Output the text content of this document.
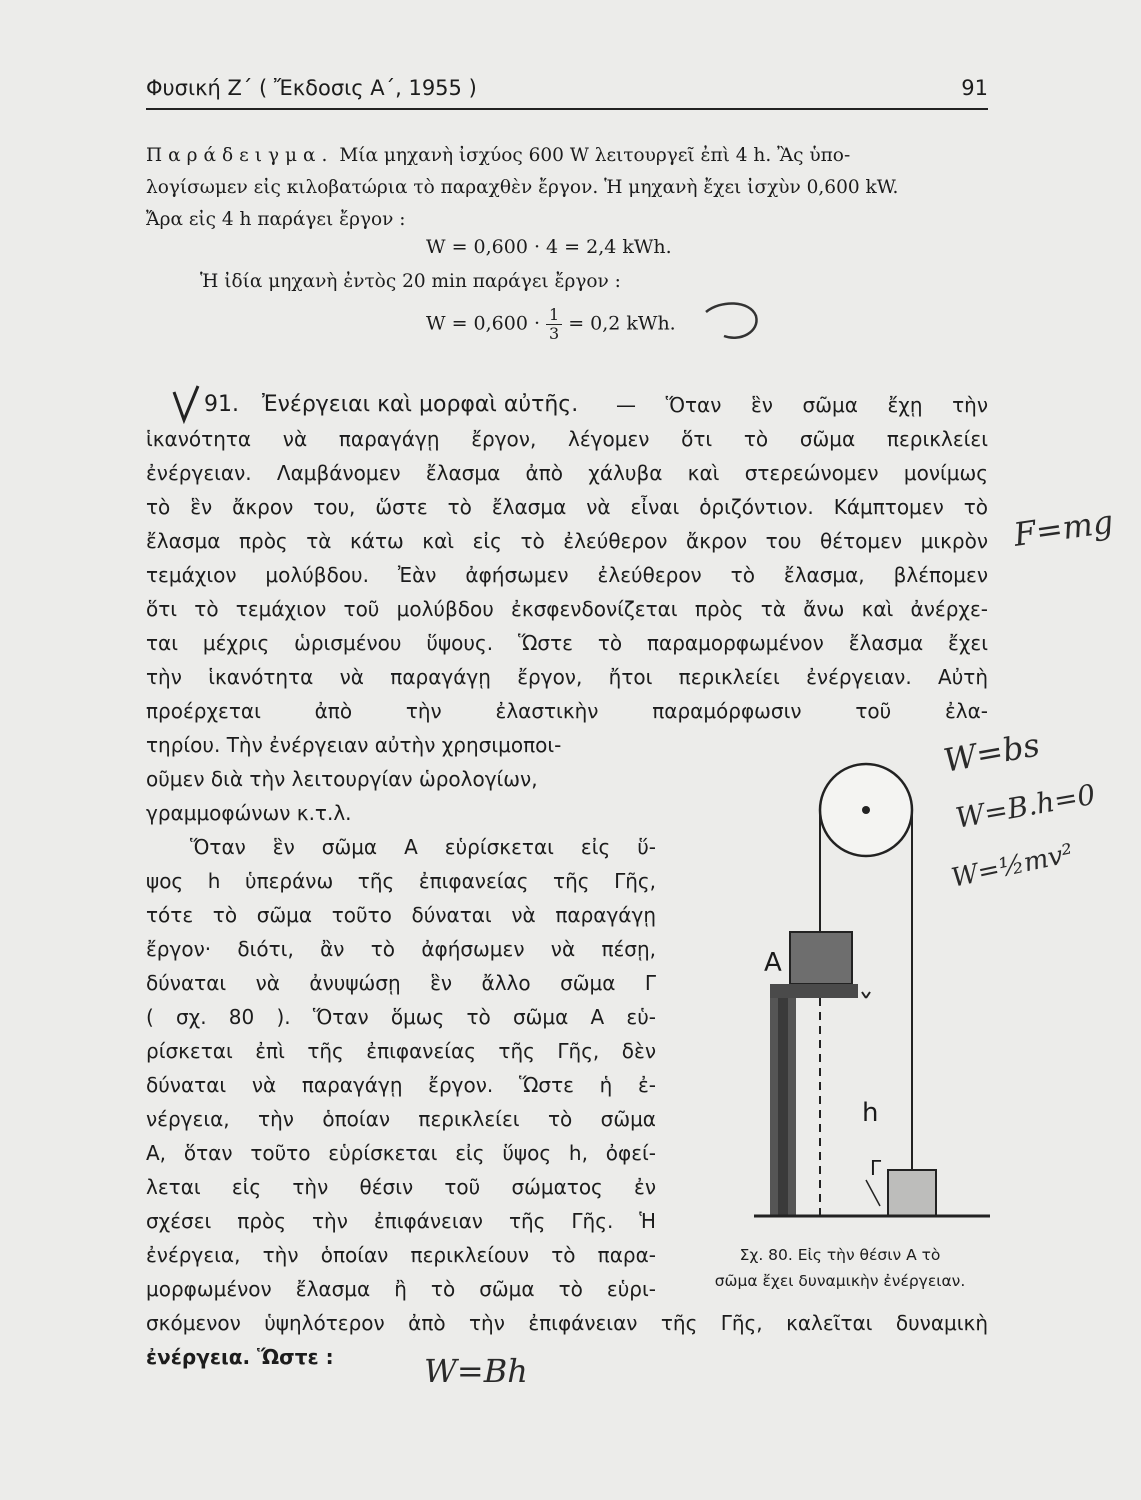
Φυσική Ζ΄ ( Ἔκδοσις Α΄, 1955 )	91
Παράδειγμα. Μία μηχανὴ ἰσχύος 600 W λειτουργεῖ ἐπὶ 4 h. Ἂς ὑπο-
λογίσωμεν εἰς κιλοβατώρια τὸ παραχθὲν ἔργον. Ἡ μηχανὴ ἔχει ἰσχὺν 0,600 kW.
Ἄρα εἰς 4 h παράγει ἔργον :
W = 0,600 · 4 = 2,4 kWh.
Ἡ ἰδία μηχανὴ ἐντὸς 20 min παράγει ἔργον :
$W = 0,600 \cdot \frac{1}{3} = 0,2$ kWh.
91. Ἐνέργειαι καὶ μορφαὶ αὐτῆς. — Ὅταν ἓν σῶμα ἔχῃ τὴν
ἱκανότητα νὰ παραγάγῃ ἔργον, λέγομεν ὅτι τὸ σῶμα περικλείει
ἐνέργειαν. Λαμβάνομεν ἔλασμα ἀπὸ χάλυβα καὶ στερεώνομεν μονίμως
τὸ ἓν ἄκρον του, ὥστε τὸ ἔλασμα νὰ εἶναι ὁριζόντιον. Κάμπτομεν τὸ
ἔλασμα πρὸς τὰ κάτω καὶ εἰς τὸ ἐλεύθερον ἄκρον του θέτομεν μικρὸν
τεμάχιον μολύβδου. Ἐὰν ἀφήσωμεν ἐλεύθερον τὸ ἔλασμα, βλέπομεν
ὅτι τὸ τεμάχιον τοῦ μολύβδου ἐκσφενδονίζεται πρὸς τὰ ἄνω καὶ ἀνέρχε-
ται μέχρις ὡρισμένου ὕψους. Ὥστε τὸ παραμορφωμένον ἔλασμα ἔχει
τὴν ἱκανότητα νὰ παραγάγῃ ἔργον, ἤτοι περικλείει ἐνέργειαν. Αὐτὴ
προέρχεται ἀπὸ τὴν ἐλαστικὴν παραμόρφωσιν τοῦ ἐλα-
τηρίου. Τὴν ἐνέργειαν αὐτὴν χρησιμοποι-
οῦμεν διὰ τὴν λειτουργίαν ὡρολογίων,
γραμμοφώνων κ.τ.λ.
Ὅταν ἓν σῶμα Α εὑρίσκεται εἰς ὕ-
ψος h ὑπεράνω τῆς ἐπιφανείας τῆς Γῆς,
τότε τὸ σῶμα τοῦτο δύναται νὰ παραγάγῃ
ἔργον· διότι, ἂν τὸ ἀφήσωμεν νὰ πέσῃ,
δύναται νὰ ἀνυψώσῃ ἓν ἄλλο σῶμα Γ
( σχ. 80 ). Ὅταν ὅμως τὸ σῶμα Α εὑ-
ρίσκεται ἐπὶ τῆς ἐπιφανείας τῆς Γῆς, δὲν
δύναται νὰ παραγάγῃ ἔργον. Ὥστε ἡ ἐ-
νέργεια, τὴν ὁποίαν περικλείει τὸ σῶμα
Α, ὅταν τοῦτο εὑρίσκεται εἰς ὕψος h, ὀφεί-
λεται εἰς τὴν θέσιν τοῦ σώματος ἐν
σχέσει πρὸς τὴν ἐπιφάνειαν τῆς Γῆς. Ἡ
ἐνέργεια, τὴν ὁποίαν περικλείουν τὸ παρα-
μορφωμένον ἔλασμα ἢ τὸ σῶμα τὸ εὑρι-
σκόμενον ὑψηλότερον ἀπὸ τὴν ἐπιφάνειαν τῆς Γῆς, καλεῖται δυναμικὴ
ἐνέργεια. Ὥστε :
Α
h
Γ
Σχ. 80. Εἰς τὴν θέσιν Α τὸ
σῶμα ἔχει δυναμικὴν ἐνέργειαν.
F=mg
W=bs
W=B.h=0
W=½mv²
W=Bh
